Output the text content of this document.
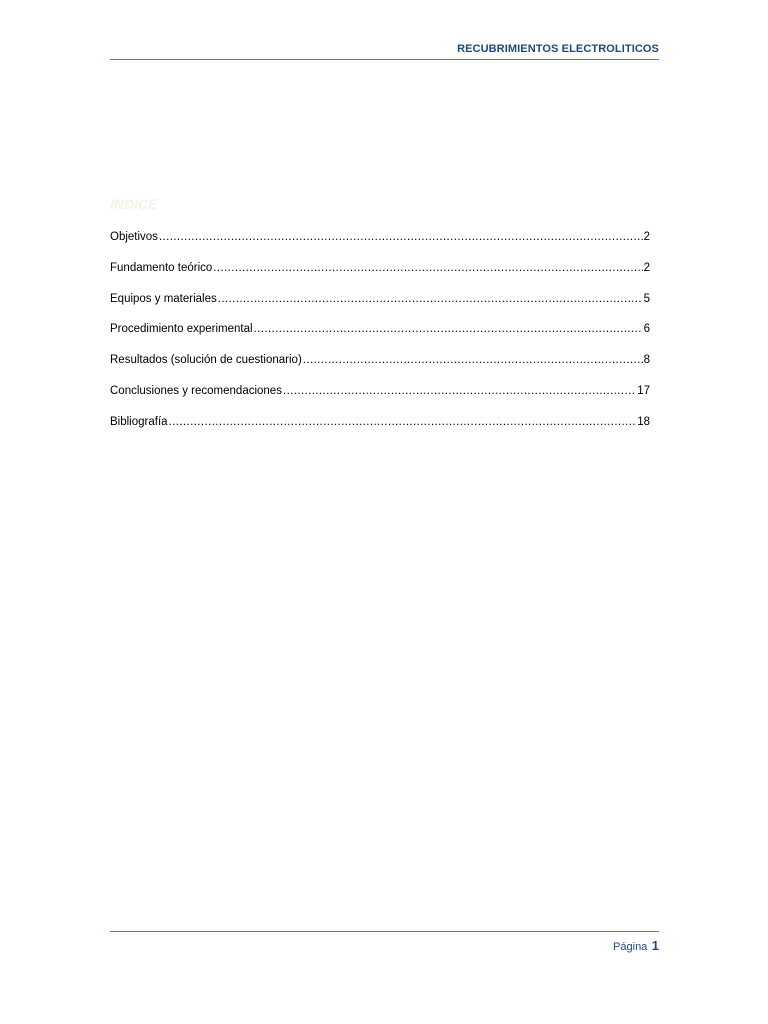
RECUBRIMIENTOS ELECTROLITICOS
INDICE
Objetivos .....	2
Fundamento teórico .....	2
Equipos y materiales .....	5
Procedimiento experimental .....	6
Resultados (solución de cuestionario) .....	8
Conclusiones y recomendaciones .....	17
Bibliografía .....	18
Página 1
